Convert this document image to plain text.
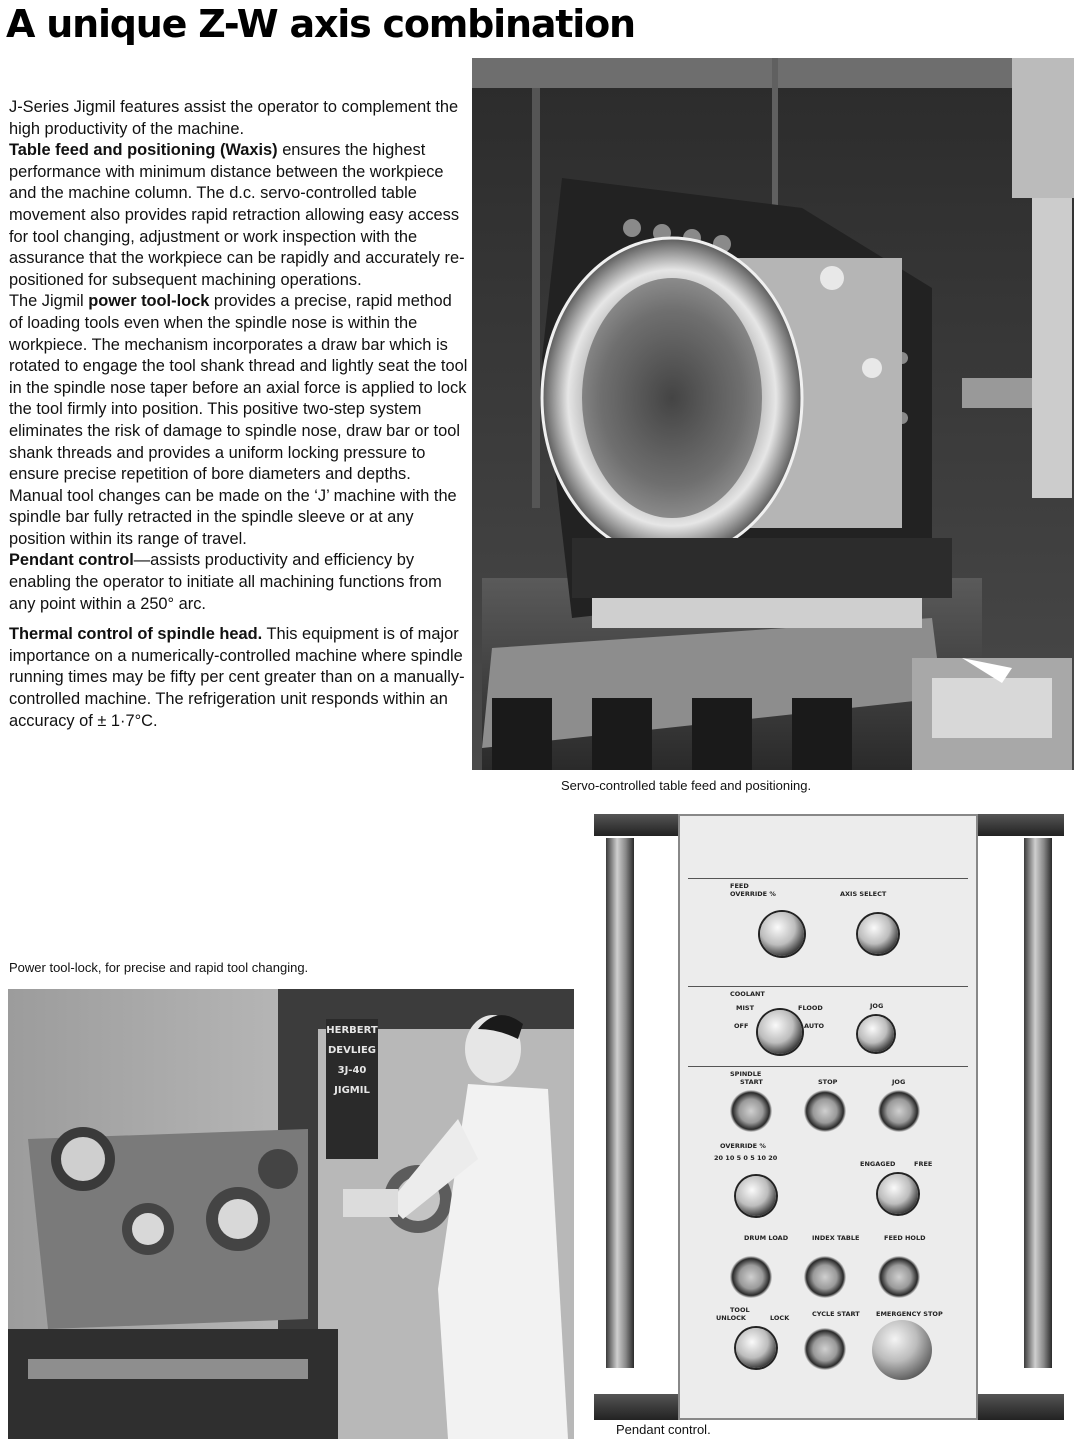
A unique Z-W axis combination

J-Series Jigmil features assist the operator to complement the high productivity of the machine.

Table feed and positioning (Waxis) ensures the highest performance with minimum distance between the workpiece and the machine column. The d.c. servo-controlled table movement also provides rapid retraction allowing easy access for tool changing, adjustment or work inspection with the assurance that the workpiece can be rapidly and accurately re-positioned for subsequent machining operations.

The Jigmil power tool-lock provides a precise, rapid method of loading tools even when the spindle nose is within the workpiece. The mechanism incorporates a draw bar which is rotated to engage the tool shank thread and lightly seat the tool in the spindle nose taper before an axial force is applied to lock the tool firmly into position. This positive two-step system eliminates the risk of damage to spindle nose, draw bar or tool shank threads and provides a uniform locking pressure to ensure precise repetition of bore diameters and depths.

Manual tool changes can be made on the ‘J’ machine with the spindle bar fully retracted in the spindle sleeve or at any position within its range of travel.

Pendant control—assists productivity and efficiency by enabling the operator to initiate all machining functions from any point within a 250° arc.

Thermal control of spindle head. This equipment is of major importance on a numerically-controlled machine where spindle running times may be fifty per cent greater than on a manually-controlled machine. The refrigeration unit responds within an accuracy of ± 1·7°C.

Servo-controlled table feed and positioning.
Power tool-lock, for precise and rapid tool changing.
HERBERT
DEVLIEG
3J-40
JIGMIL
FEED
OVERRIDE %	AXIS SELECT
COOLANT
MIST	FLOOD
OFF	AUTO
JOG
SPINDLE
START	STOP	JOG
OVERRIDE %
20 10 5 0 5 10 20
ENGAGED	FREE
DRUM LOAD	INDEX TABLE	FEED HOLD
TOOL
UNLOCK	LOCK	CYCLE START	EMERGENCY STOP
Pendant control.
